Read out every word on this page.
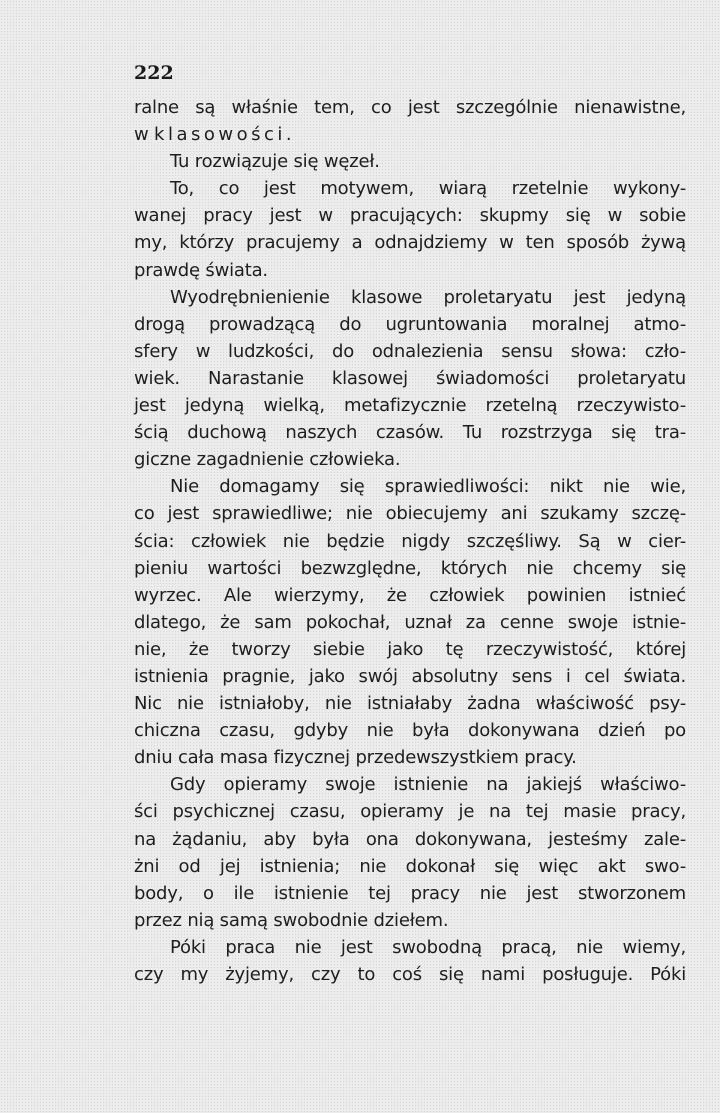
222
ralne są właśnie tem, co jest szczególnie nienawistne,
w klasowości.
Tu rozwiązuje się węzeł.
To, co jest motywem, wiarą rzetelnie wykony-
wanej pracy jest w pracujących: skupmy się w sobie
my, którzy pracujemy a odnajdziemy w ten sposób żywą
prawdę świata.
Wyodrębnienienie klasowe proletaryatu jest jedyną
drogą prowadzącą do ugruntowania moralnej atmo-
sfery w ludzkości, do odnalezienia sensu słowa: czło-
wiek. Narastanie klasowej świadomości proletaryatu
jest jedyną wielką, metafizycznie rzetelną rzeczywisto-
ścią duchową naszych czasów. Tu rozstrzyga się tra-
giczne zagadnienie człowieka.
Nie domagamy się sprawiedliwości: nikt nie wie,
co jest sprawiedliwe; nie obiecujemy ani szukamy szczę-
ścia: człowiek nie będzie nigdy szczęśliwy. Są w cier-
pieniu wartości bezwzględne, których nie chcemy się
wyrzec. Ale wierzymy, że człowiek powinien istnieć
dlatego, że sam pokochał, uznał za cenne swoje istnie-
nie, że tworzy siebie jako tę rzeczywistość, której
istnienia pragnie, jako swój absolutny sens i cel świata.
Nic nie istniałoby, nie istniałaby żadna właściwość psy-
chiczna czasu, gdyby nie była dokonywana dzień po
dniu cała masa fizycznej przedewszystkiem pracy.
Gdy opieramy swoje istnienie na jakiejś właściwo-
ści psychicznej czasu, opieramy je na tej masie pracy,
na żądaniu, aby była ona dokonywana, jesteśmy zale-
żni od jej istnienia; nie dokonał się więc akt swo-
body, o ile istnienie tej pracy nie jest stworzonem
przez nią samą swobodnie dziełem.
Póki praca nie jest swobodną pracą, nie wiemy,
czy my żyjemy, czy to coś się nami posługuje. Póki
